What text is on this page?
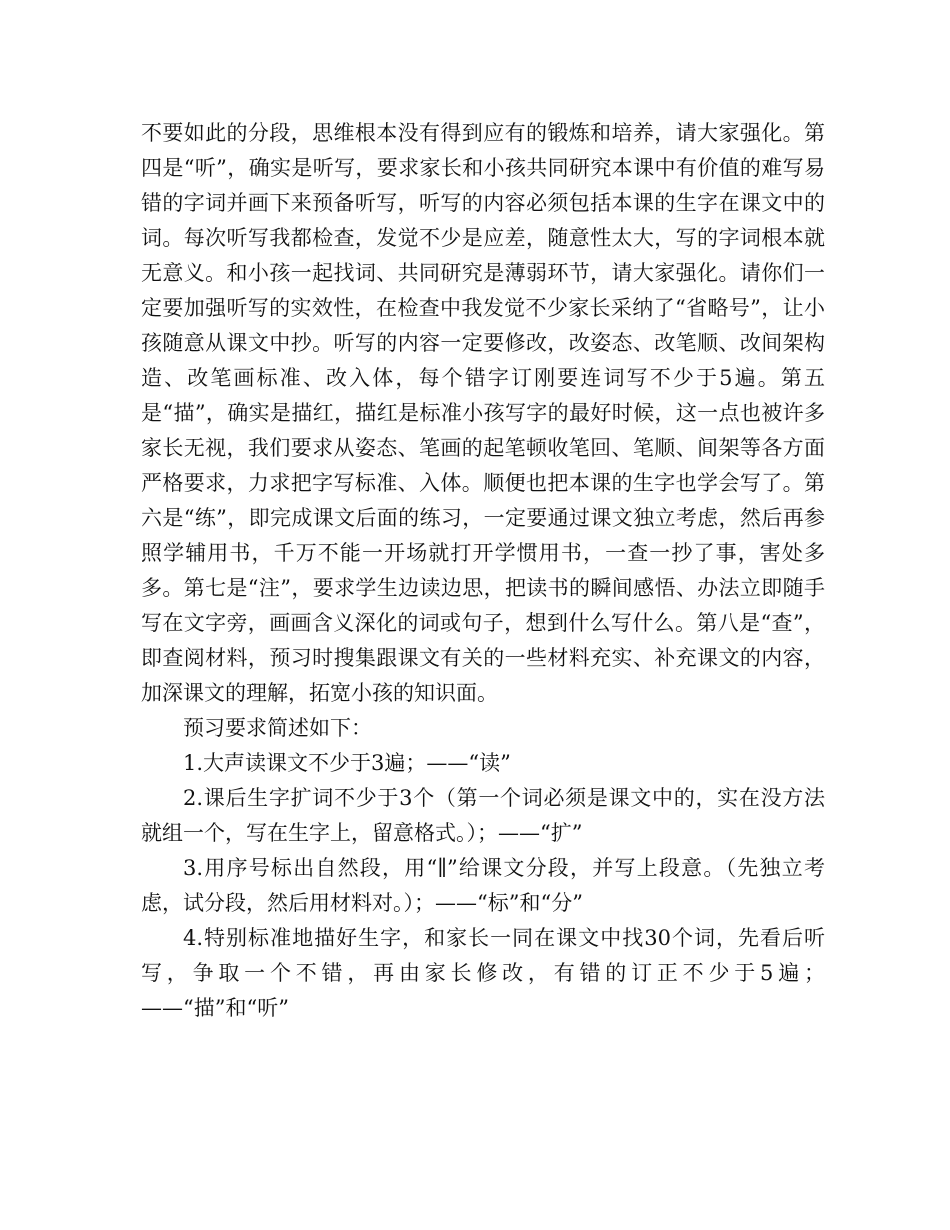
不要如此的分段，思维根本没有得到应有的锻炼和培养，请大家强化。第四是“听”，确实是听写，要求家长和小孩共同研究本课中有价值的难写易错的字词并画下来预备听写，听写的内容必须包括本课的生字在课文中的词。每次听写我都检查，发觉不少是应差，随意性太大，写的字词根本就无意义。和小孩一起找词、共同研究是薄弱环节，请大家强化。请你们一定要加强听写的实效性，在检查中我发觉不少家长采纳了“省略号”，让小孩随意从课文中抄。听写的内容一定要修改，改姿态、改笔顺、改间架构造、改笔画标准、改入体，每个错字订刚要连词写不少于5遍。第五是“描”，确实是描红，描红是标准小孩写字的最好时候，这一点也被许多家长无视，我们要求从姿态、笔画的起笔顿收笔回、笔顺、间架等各方面严格要求，力求把字写标准、入体。顺便也把本课的生字也学会写了。第六是“练”，即完成课文后面的练习，一定要通过课文独立考虑，然后再参照学辅用书，千万不能一开场就打开学惯用书，一查一抄了事，害处多多。第七是“注”，要求学生边读边思，把读书的瞬间感悟、办法立即随手写在文字旁，画画含义深化的词或句子，想到什么写什么。第八是“查”，即查阅材料，预习时搜集跟课文有关的一些材料充实、补充课文的内容，加深课文的理解，拓宽小孩的知识面。

预习要求简述如下：

1.大声读课文不少于3遍；——“读”

2.课后生字扩词不少于3个（第一个词必须是课文中的，实在没方法就组一个，写在生字上，留意格式。）；——“扩”

3.用序号标出自然段，用“∥”给课文分段，并写上段意。（先独立考虑，试分段，然后用材料对。）；——“标”和“分”

4.特别标准地描好生字，和家长一同在课文中找30个词，先看后听写，争取一个不错，再由家长修改，有错的订正不少于5遍；——“描”和“听”
